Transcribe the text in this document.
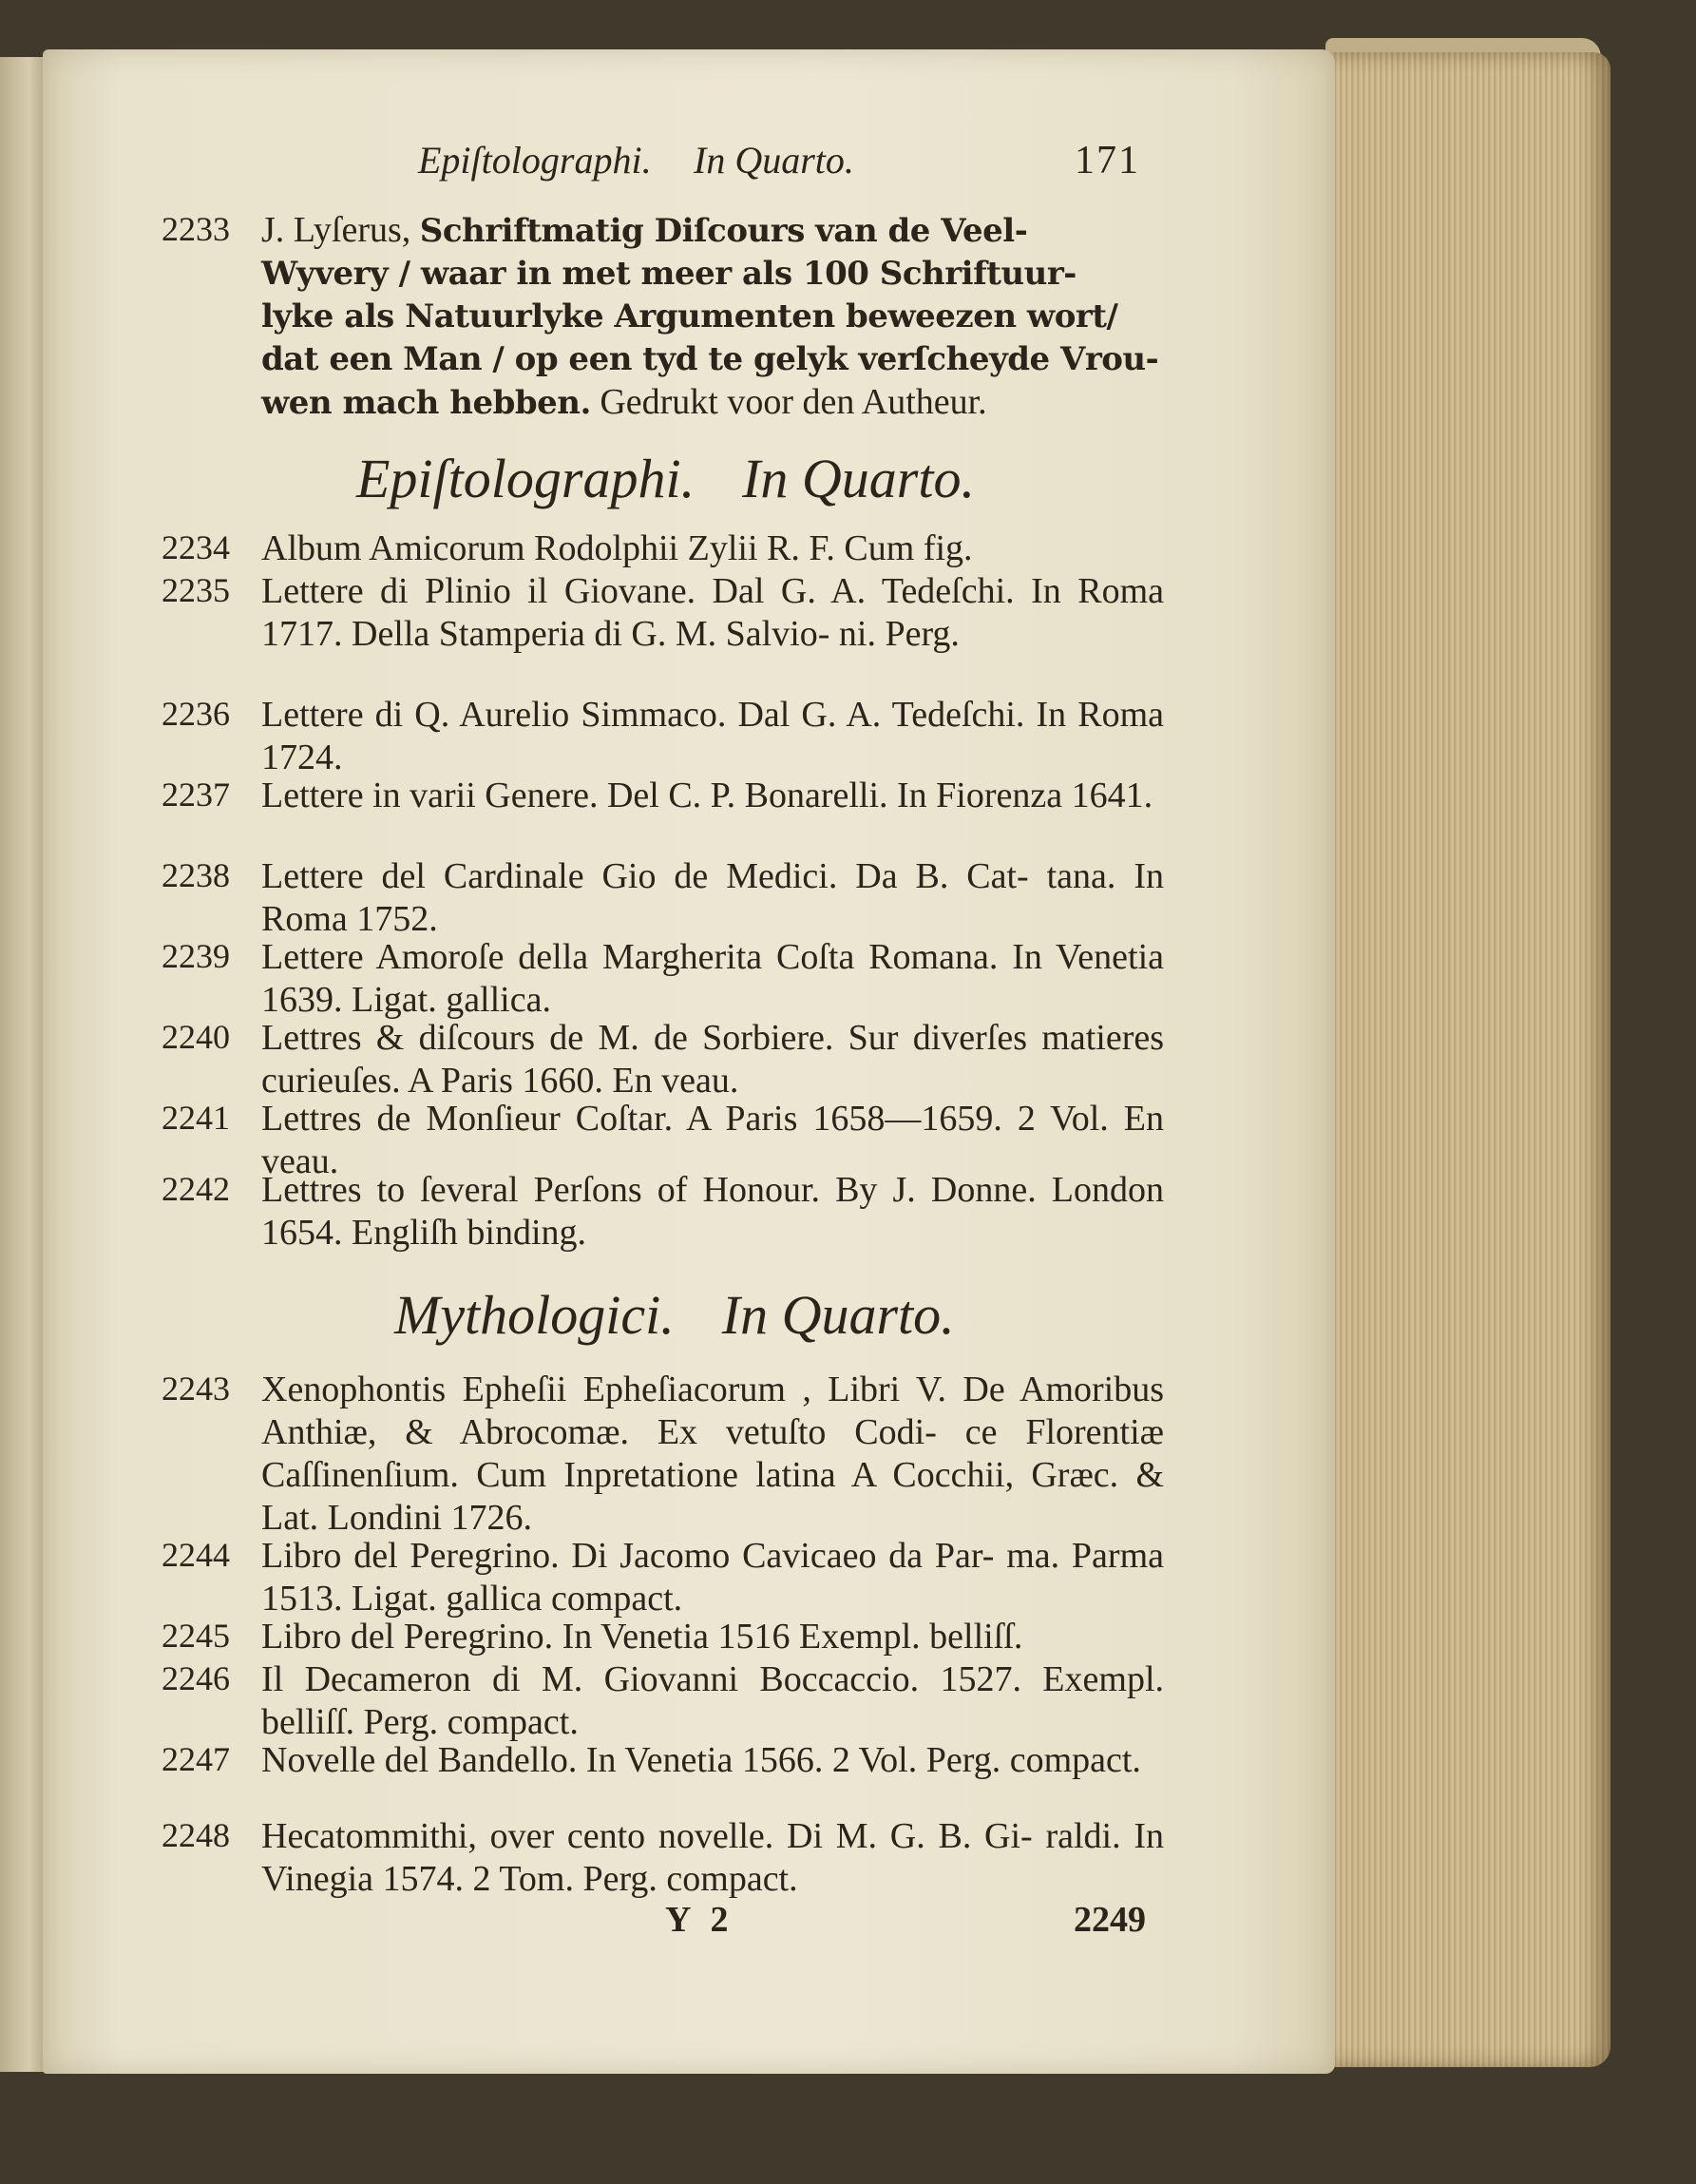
Epiſtolographi. In Quarto.	171
2233 J. Lyſerus, Schriftmatig Diſcours van de Veel-
Wyvery / waar in met meer als 100 Schriftuur-
lyke als Natuurlyke Argumenten beweezen wort/
dat een Man / op een tyd te gelyk verſcheyde Vrou-
wen mach hebben. Gedrukt voor den Autheur.
Epiſtolographi. In Quarto.
2234 Album Amicorum Rodolphii Zylii R. F. Cum fig.
2235 Lettere di Plinio il Giovane. Dal G. A. Tedeſchi. In Roma 1717. Della Stamperia di G. M. Salvio- ni. Perg.
2236 Lettere di Q. Aurelio Simmaco. Dal G. A. Tedeſchi. In Roma 1724.
2237 Lettere in varii Genere. Del C. P. Bonarelli. In Fiorenza 1641.
2238 Lettere del Cardinale Gio de Medici. Da B. Cat- tana. In Roma 1752.
2239 Lettere Amoroſe della Margherita Coſta Romana. In Venetia 1639. Ligat. gallica.
2240 Lettres & diſcours de M. de Sorbiere. Sur diverſes matieres curieuſes. A Paris 1660. En veau.
2241 Lettres de Monſieur Coſtar. A Paris 1658—1659. 2 Vol. En veau.
2242 Lettres to ſeveral Perſons of Honour. By J. Donne. London 1654. Engliſh binding.
Mythologici. In Quarto.
2243 Xenophontis Epheſii Epheſiacorum , Libri V. De Amoribus Anthiæ, & Abrocomæ. Ex vetuſto Codi- ce Florentiæ Caſſinenſium. Cum Inpretatione latina A Cocchii, Græc. & Lat. Londini 1726.
2244 Libro del Peregrino. Di Jacomo Cavicaeo da Par- ma. Parma 1513. Ligat. gallica compact.
2245 Libro del Peregrino. In Venetia 1516 Exempl. belliſſ.
2246 Il Decameron di M. Giovanni Boccaccio. 1527. Exempl. belliſſ. Perg. compact.
2247 Novelle del Bandello. In Venetia 1566. 2 Vol. Perg. compact.
2248 Hecatommithi, over cento novelle. Di M. G. B. Gi- raldi. In Vinegia 1574. 2 Tom. Perg. compact.
Y 2	2249
